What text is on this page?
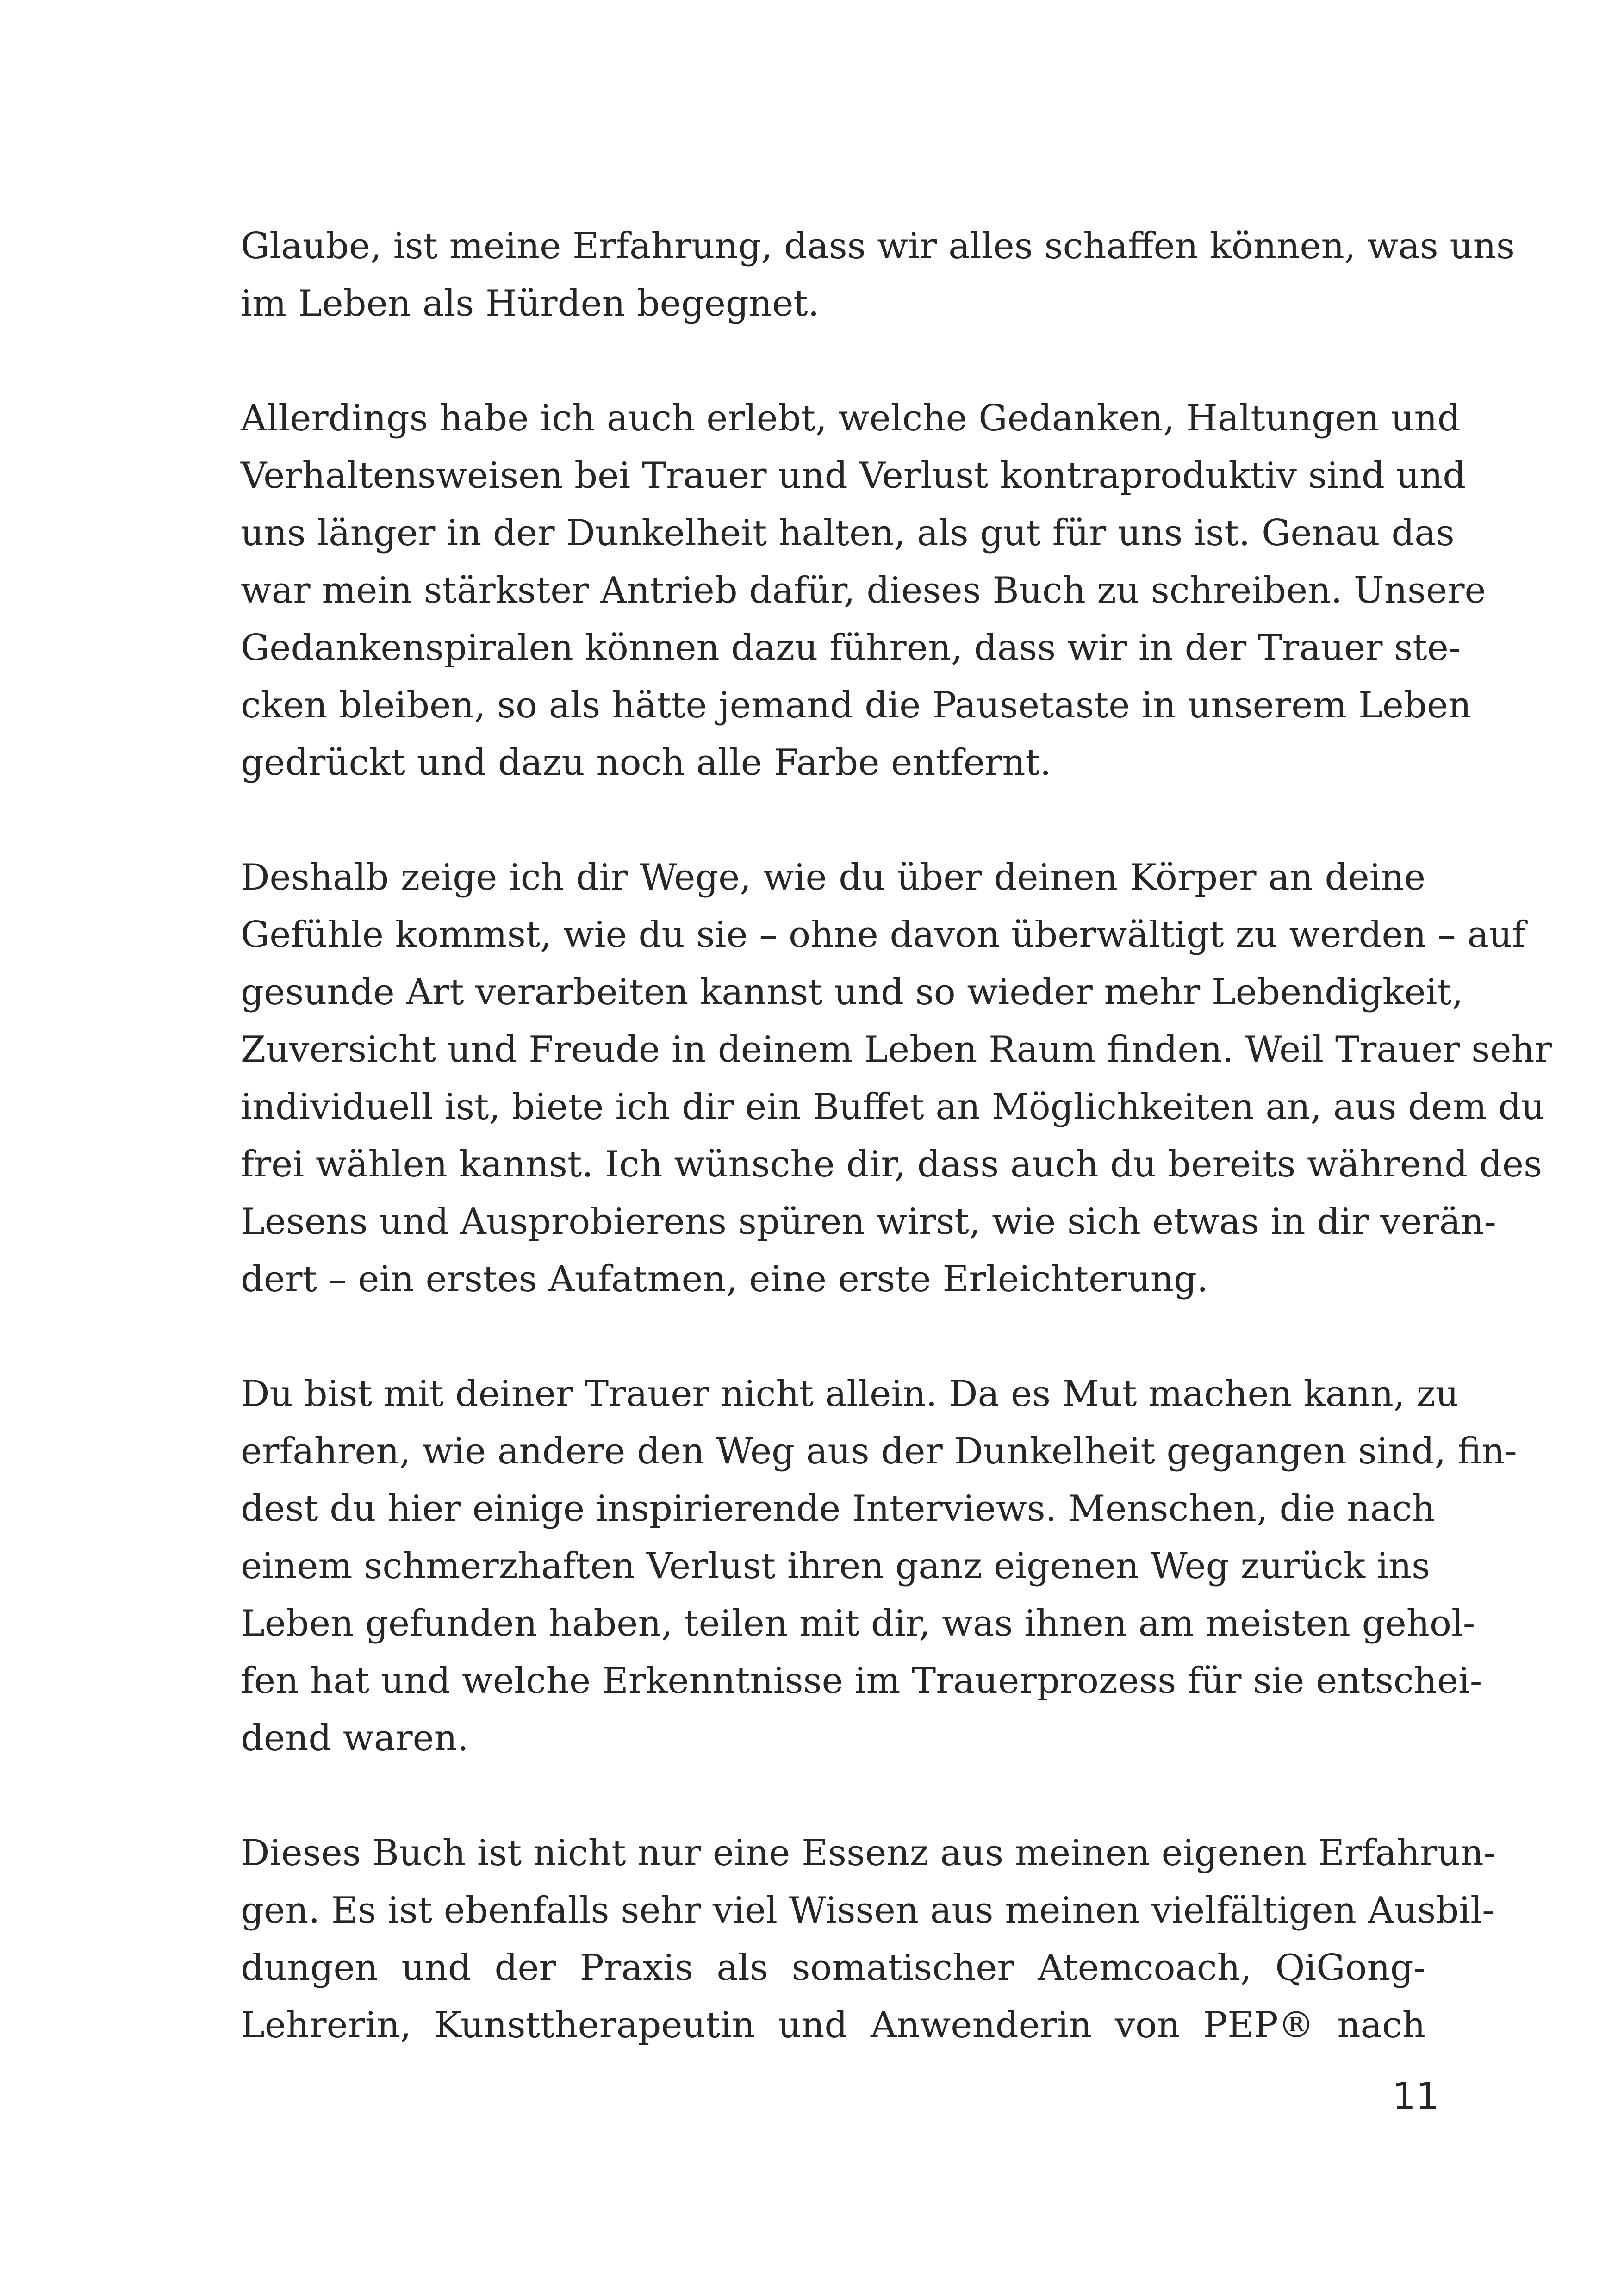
Glaube, ist meine Erfahrung, dass wir alles schaffen können, was uns
im Leben als Hürden begegnet.
Allerdings habe ich auch erlebt, welche Gedanken, Haltungen und
Verhaltensweisen bei Trauer und Verlust kontraproduktiv sind und
uns länger in der Dunkelheit halten, als gut für uns ist. Genau das
war mein stärkster Antrieb dafür, dieses Buch zu schreiben. Unsere
Gedankenspiralen können dazu führen, dass wir in der Trauer ste-
cken bleiben, so als hätte jemand die Pausetaste in unserem Leben
gedrückt und dazu noch alle Farbe entfernt.
Deshalb zeige ich dir Wege, wie du über deinen Körper an deine
Gefühle kommst, wie du sie – ohne davon überwältigt zu werden – auf
gesunde Art verarbeiten kannst und so wieder mehr Lebendigkeit,
Zuversicht und Freude in deinem Leben Raum finden. Weil Trauer sehr
individuell ist, biete ich dir ein Buffet an Möglichkeiten an, aus dem du
frei wählen kannst. Ich wünsche dir, dass auch du bereits während des
Lesens und Ausprobierens spüren wirst, wie sich etwas in dir verän-
dert – ein erstes Aufatmen, eine erste Erleichterung.
Du bist mit deiner Trauer nicht allein. Da es Mut machen kann, zu
erfahren, wie andere den Weg aus der Dunkelheit gegangen sind, fin-
dest du hier einige inspirierende Interviews. Menschen, die nach
einem schmerzhaften Verlust ihren ganz eigenen Weg zurück ins
Leben gefunden haben, teilen mit dir, was ihnen am meisten gehol-
fen hat und welche Erkenntnisse im Trauerprozess für sie entschei-
dend waren.
Dieses Buch ist nicht nur eine Essenz aus meinen eigenen Erfahrun-
gen. Es ist ebenfalls sehr viel Wissen aus meinen vielfältigen Ausbil-
dungen und der Praxis als somatischer Atemcoach, QiGong-
Lehrerin, Kunsttherapeutin und Anwenderin von PEP® nach
11
